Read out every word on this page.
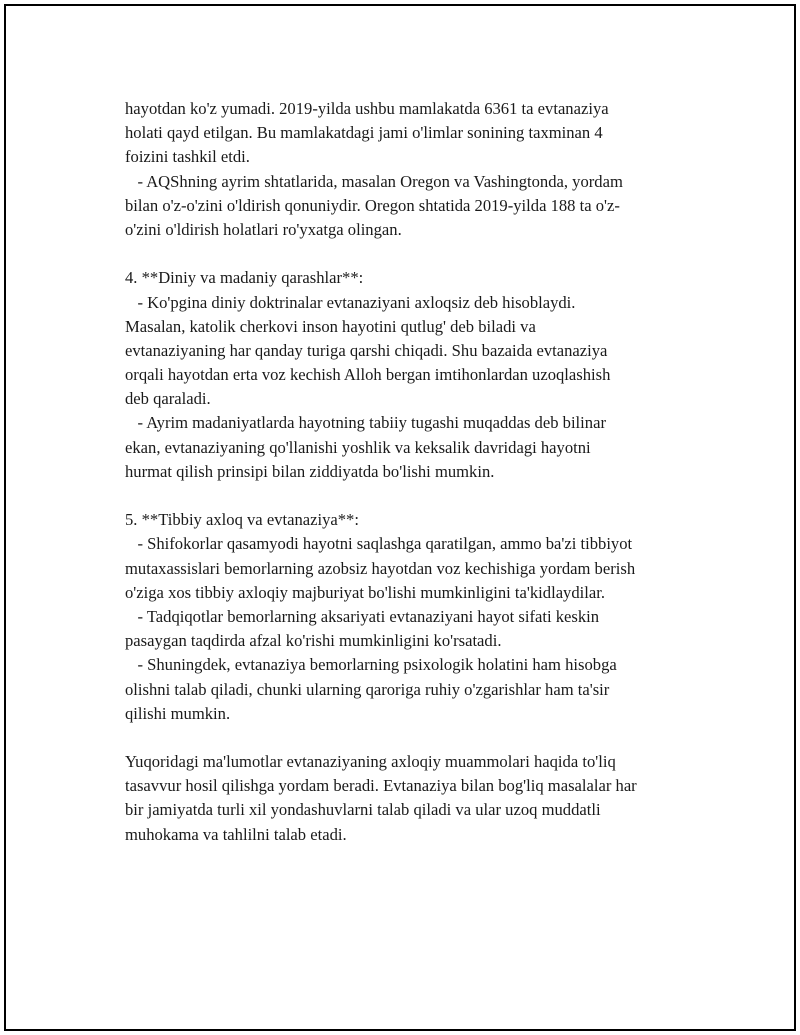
hayotdan ko'z yumadi. 2019-yilda ushbu mamlakatda 6361 ta evtanaziya
holati qayd etilgan. Bu mamlakatdagi jami o'limlar sonining taxminan 4
foizini tashkil etdi.
- AQShning ayrim shtatlarida, masalan Oregon va Vashingtonda, yordam
bilan o'z-o'zini o'ldirish qonuniydir. Oregon shtatida 2019-yilda 188 ta o'z-
o'zini o'ldirish holatlari ro'yxatga olingan.
4. **Diniy va madaniy qarashlar**:
- Ko'pgina diniy doktrinalar evtanaziyani axloqsiz deb hisoblaydi.
Masalan, katolik cherkovi inson hayotini qutlug' deb biladi va
evtanaziyaning har qanday turiga qarshi chiqadi. Shu bazaida evtanaziya
orqali hayotdan erta voz kechish Alloh bergan imtihonlardan uzoqlashish
deb qaraladi.
- Ayrim madaniyatlarda hayotning tabiiy tugashi muqaddas deb bilinar
ekan, evtanaziyaning qo'llanishi yoshlik va keksalik davridagi hayotni
hurmat qilish prinsipi bilan ziddiyatda bo'lishi mumkin.
5. **Tibbiy axloq va evtanaziya**:
- Shifokorlar qasamyodi hayotni saqlashga qaratilgan, ammo ba'zi tibbiyot
mutaxassislari bemorlarning azobsiz hayotdan voz kechishiga yordam berish
o'ziga xos tibbiy axloqiy majburiyat bo'lishi mumkinligini ta'kidlaydilar.
- Tadqiqotlar bemorlarning aksariyati evtanaziyani hayot sifati keskin
pasaygan taqdirda afzal ko'rishi mumkinligini ko'rsatadi.
- Shuningdek, evtanaziya bemorlarning psixologik holatini ham hisobga
olishni talab qiladi, chunki ularning qaroriga ruhiy o'zgarishlar ham ta'sir
qilishi mumkin.
Yuqoridagi ma'lumotlar evtanaziyaning axloqiy muammolari haqida to'liq
tasavvur hosil qilishga yordam beradi. Evtanaziya bilan bog'liq masalalar har
bir jamiyatda turli xil yondashuvlarni talab qiladi va ular uzoq muddatli
muhokama va tahlilni talab etadi.
